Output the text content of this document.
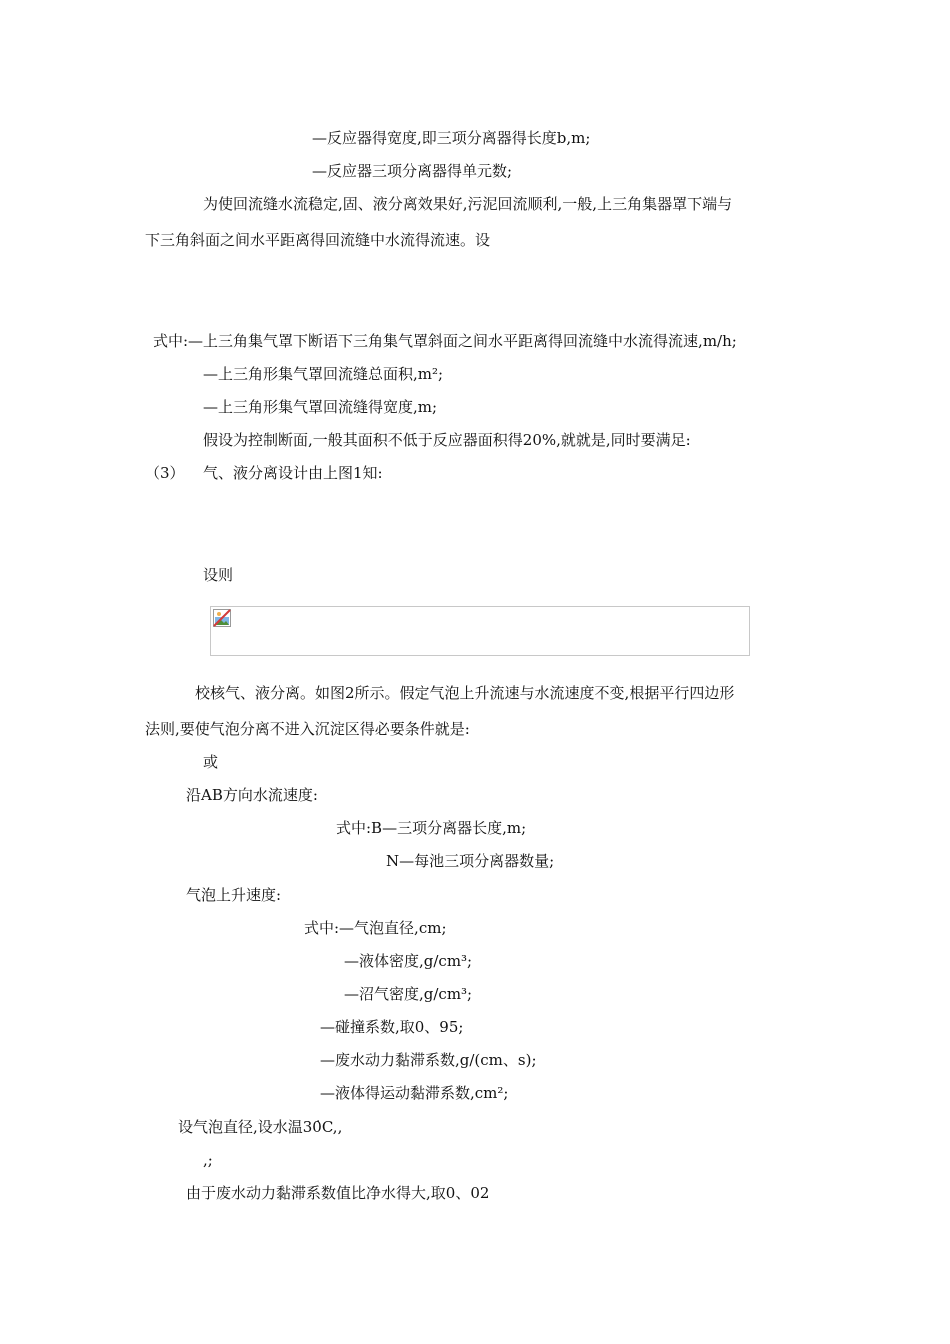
—反应器得宽度,即三项分离器得长度b,m;
—反应器三项分离器得单元数;
为使回流缝水流稳定,固、液分离效果好,污泥回流顺利,一般,上三角集器罩下端与
下三角斜面之间水平距离得回流缝中水流得流速。设
式中:—上三角集气罩下断语下三角集气罩斜面之间水平距离得回流缝中水流得流速,m/h;
—上三角形集气罩回流缝总面积,m²;
—上三角形集气罩回流缝得宽度,m;
假设为控制断面,一般其面积不低于反应器面积得20%,就就是,同时要满足:
（3） 气、液分离设计由上图1知:
设则
校核气、液分离。如图2所示。假定气泡上升流速与水流速度不变,根据平行四边形
法则,要使气泡分离不进入沉淀区得必要条件就是:
或
沿AB方向水流速度:
式中:B—三项分离器长度,m;
N—每池三项分离器数量;
气泡上升速度:
式中:—气泡直径,cm;
—液体密度,g/cm³;
—沼气密度,g/cm³;
—碰撞系数,取0、95;
—废水动力黏滞系数,g/(cm、s);
—液体得运动黏滞系数,cm²;
设气泡直径,设水温30̇C,,
,;
由于废水动力黏滞系数值比净水得大,取0、02
